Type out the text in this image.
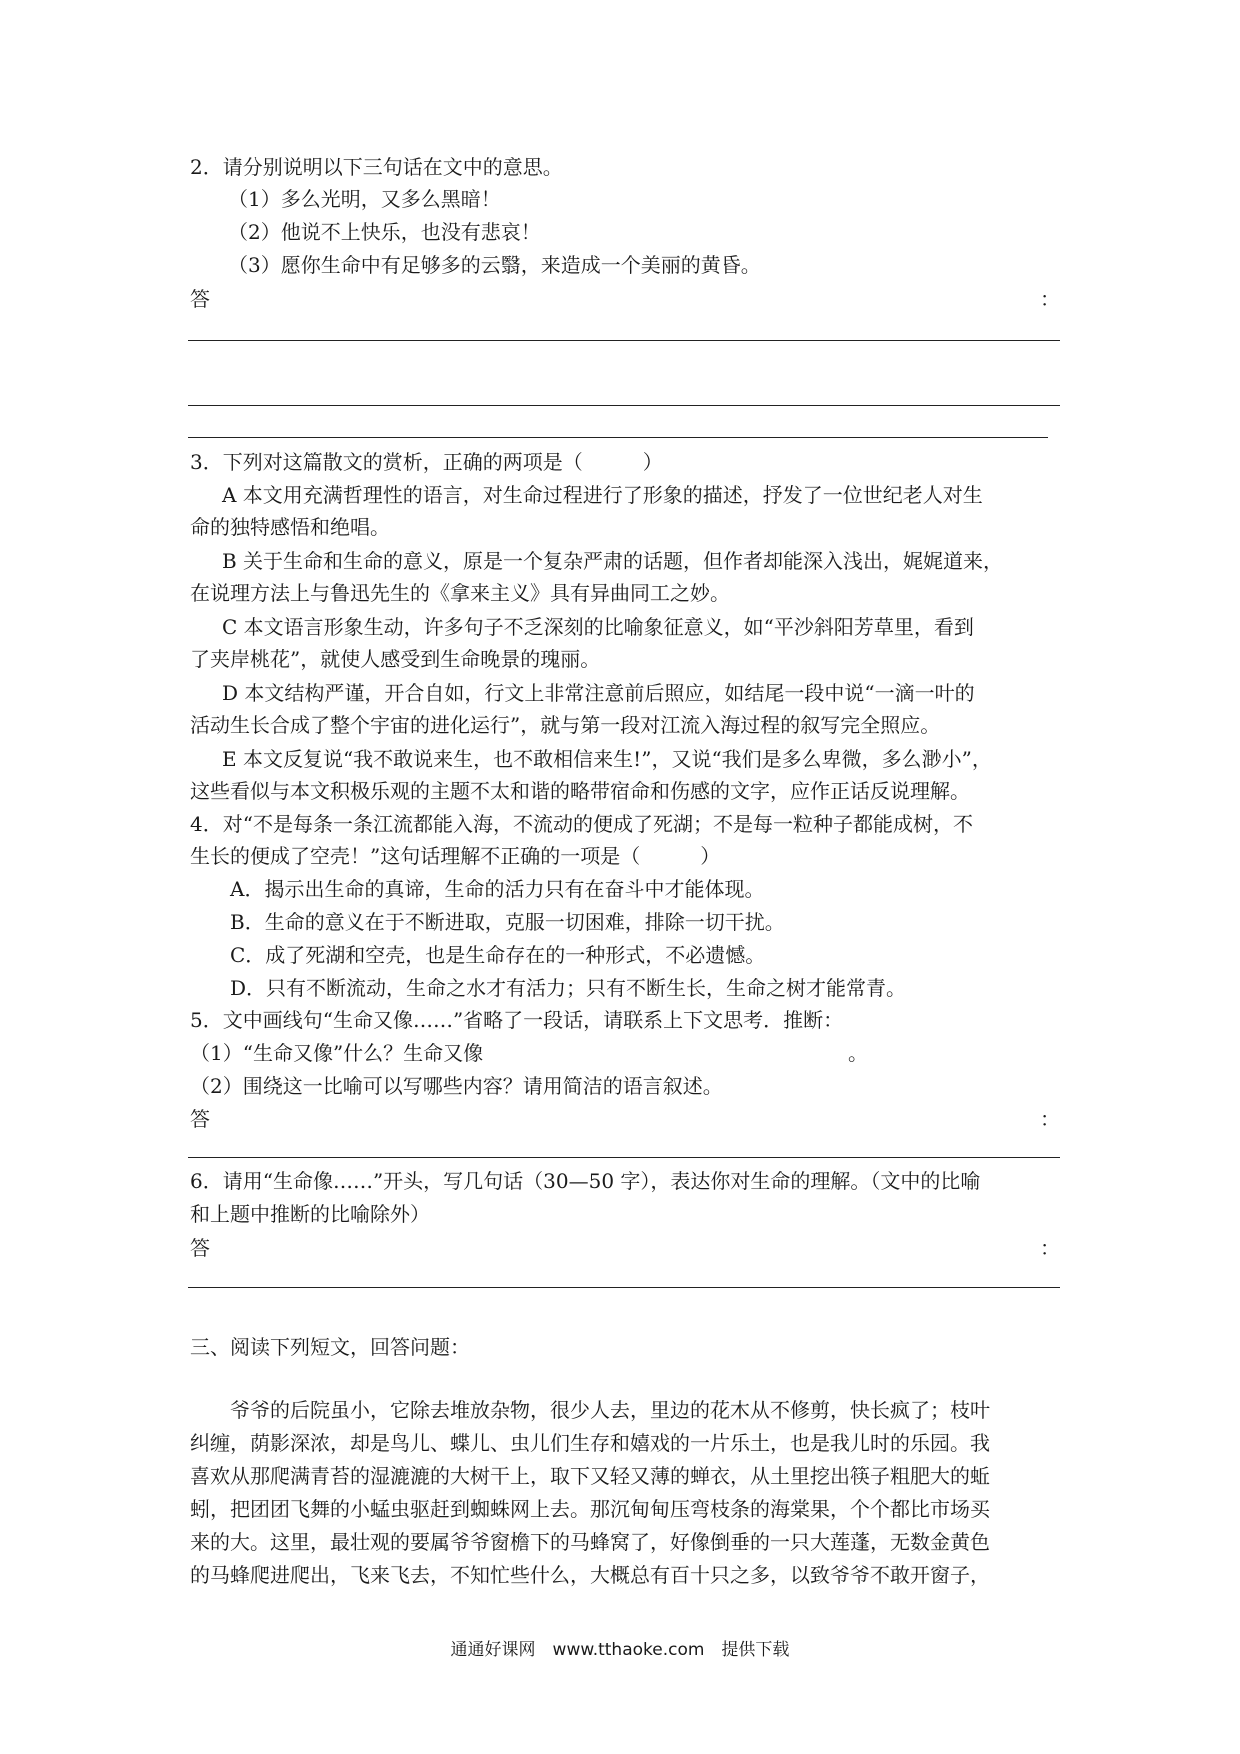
2．请分别说明以下三句话在文中的意思。
（1）多么光明，又多么黑暗！
（2）他说不上快乐，也没有悲哀！
（3）愿你生命中有足够多的云翳，来造成一个美丽的黄昏。
答	：
3．下列对这篇散文的赏析，正确的两项是（　　　）
A 本文用充满哲理性的语言，对生命过程进行了形象的描述，抒发了一位世纪老人对生
命的独特感悟和绝唱。
B 关于生命和生命的意义，原是一个复杂严肃的话题，但作者却能深入浅出，娓娓道来，
在说理方法上与鲁迅先生的《拿来主义》具有异曲同工之妙。
C 本文语言形象生动，许多句子不乏深刻的比喻象征意义，如“平沙斜阳芳草里，看到
了夹岸桃花”，就使人感受到生命晚景的瑰丽。
D 本文结构严谨，开合自如，行文上非常注意前后照应，如结尾一段中说“一滴一叶的
活动生长合成了整个宇宙的进化运行”，就与第一段对江流入海过程的叙写完全照应。
E 本文反复说“我不敢说来生，也不敢相信来生!”，又说“我们是多么卑微，多么渺小”，
这些看似与本文积极乐观的主题不太和谐的略带宿命和伤感的文字，应作正话反说理解。
4．对“不是每条一条江流都能入海，不流动的便成了死湖；不是每一粒种子都能成树，不
生长的便成了空壳！”这句话理解不正确的一项是（　　　）
A．揭示出生命的真谛，生命的活力只有在奋斗中才能体现。
B．生命的意义在于不断进取，克服一切困难，排除一切干扰。
C．成了死湖和空壳，也是生命存在的一种形式，不必遗憾。
D．只有不断流动，生命之水才有活力；只有不断生长，生命之树才能常青。
5．文中画线句“生命又像……”省略了一段话，请联系上下文思考．推断：
（1）“生命又像”什么？生命又像	。
（2）围绕这一比喻可以写哪些内容？请用简洁的语言叙述。
答	：
6．请用“生命像……”开头，写几句话（30—50 字），表达你对生命的理解。（文中的比喻
和上题中推断的比喻除外）
答	：
三、阅读下列短文，回答问题：
爷爷的后院虽小，它除去堆放杂物，很少人去，里边的花木从不修剪，快长疯了；枝叶
纠缠，荫影深浓，却是鸟儿、蝶儿、虫儿们生存和嬉戏的一片乐土，也是我儿时的乐园。我
喜欢从那爬满青苔的湿漉漉的大树干上，取下又轻又薄的蝉衣，从土里挖出筷子粗肥大的蚯
蚓，把团团飞舞的小蜢虫驱赶到蜘蛛网上去。那沉甸甸压弯枝条的海棠果，个个都比市场买
来的大。这里，最壮观的要属爷爷窗檐下的马蜂窝了，好像倒垂的一只大莲蓬，无数金黄色
的马蜂爬进爬出，飞来飞去，不知忙些什么，大概总有百十只之多，以致爷爷不敢开窗子，
通通好课网　www.tthaoke.com　提供下载
